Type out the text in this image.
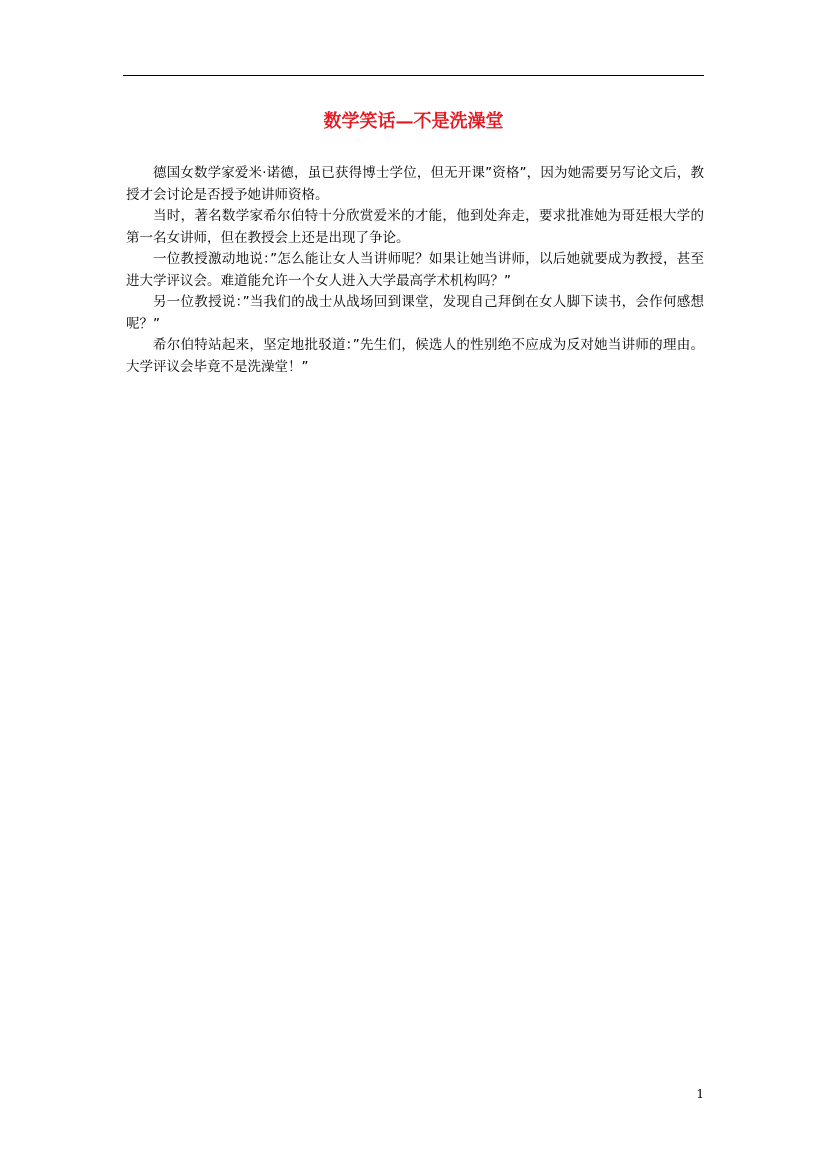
数学笑话—不是洗澡堂

德国女数学家爱米·诺德，虽已获得博士学位，但无开课”资格”，因为她需要另写论文后，教授才会讨论是否授予她讲师资格。

当时，著名数学家希尔伯特十分欣赏爱米的才能，他到处奔走，要求批准她为哥廷根大学的第一名女讲师，但在教授会上还是出现了争论。

一位教授激动地说：”怎么能让女人当讲师呢？如果让她当讲师，以后她就要成为教授，甚至进大学评议会。难道能允许一个女人进入大学最高学术机构吗？”

另一位教授说：”当我们的战士从战场回到课堂，发现自己拜倒在女人脚下读书，会作何感想呢？”

希尔伯特站起来，坚定地批驳道：”先生们，候选人的性别绝不应成为反对她当讲师的理由。大学评议会毕竟不是洗澡堂！”

1
